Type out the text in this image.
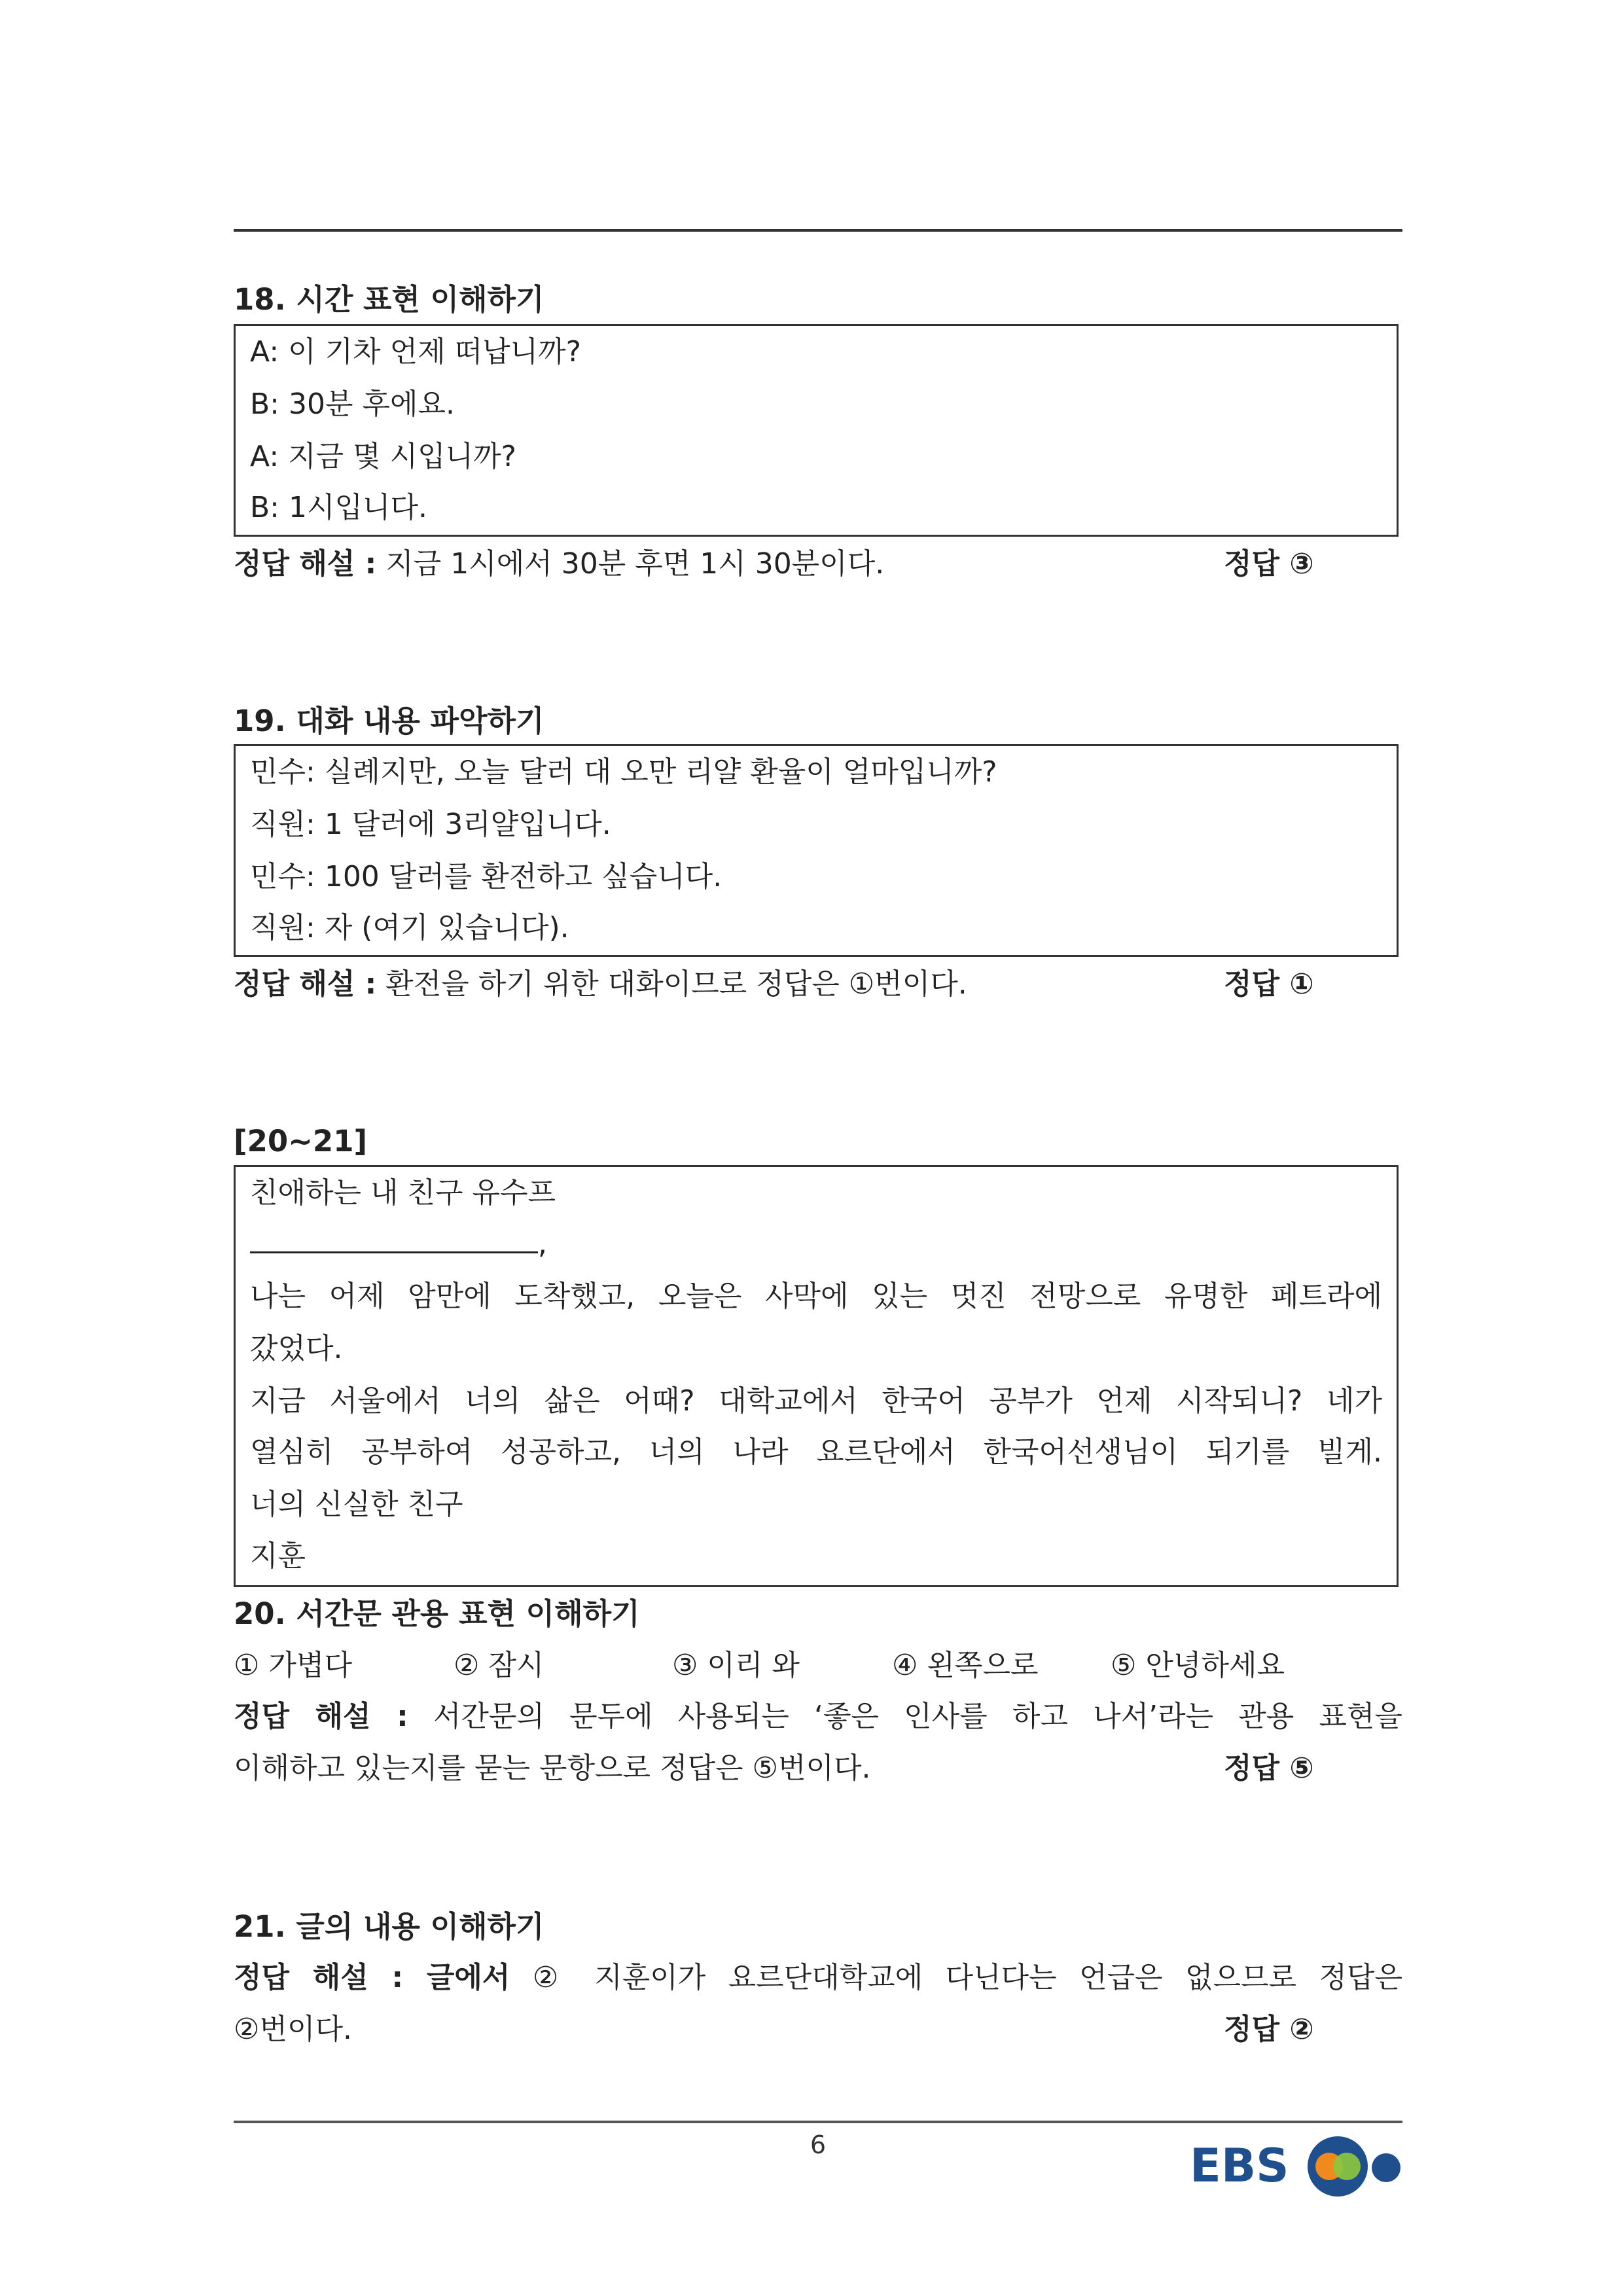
18. 시간 표현 이해하기
A: 이 기차 언제 떠납니까?
B: 30분 후에요.
A: 지금 몇 시입니까?
B: 1시입니다.
정답 해설 : 지금 1시에서 30분 후면 1시 30분이다.	정답 ③
19. 대화 내용 파악하기
민수: 실례지만, 오늘 달러 대 오만 리얄 환율이 얼마입니까?
직원: 1 달러에 3리얄입니다.
민수: 100 달러를 환전하고 싶습니다.
직원: 자 (여기 있습니다).
정답 해설 : 환전을 하기 위한 대화이므로 정답은 ①번이다.	정답 ①
[20~21]
친애하는 내 친구 유수프
,
나는 어제 암만에 도착했고, 오늘은 사막에 있는 멋진 전망으로 유명한 페트라에
갔었다.
지금 서울에서 너의 삶은 어때? 대학교에서 한국어 공부가 언제 시작되니? 네가
열심히 공부하여 성공하고, 너의 나라 요르단에서 한국어선생님이 되기를 빌게.
너의 신실한 친구
지훈
20. 서간문 관용 표현 이해하기
① 가볍다	② 잠시	③ 이리 와	④ 왼쪽으로	⑤ 안녕하세요
정답 해설 : 서간문의 문두에 사용되는 ‘좋은 인사를 하고 나서’라는 관용 표현을
이해하고 있는지를 묻는 문항으로 정답은 ⑤번이다.	정답 ⑤
21. 글의 내용 이해하기
정답 해설 : 글에서 ② 지훈이가 요르단대학교에 다닌다는 언급은 없으므로 정답은
②번이다.	정답 ②
6	EBS
